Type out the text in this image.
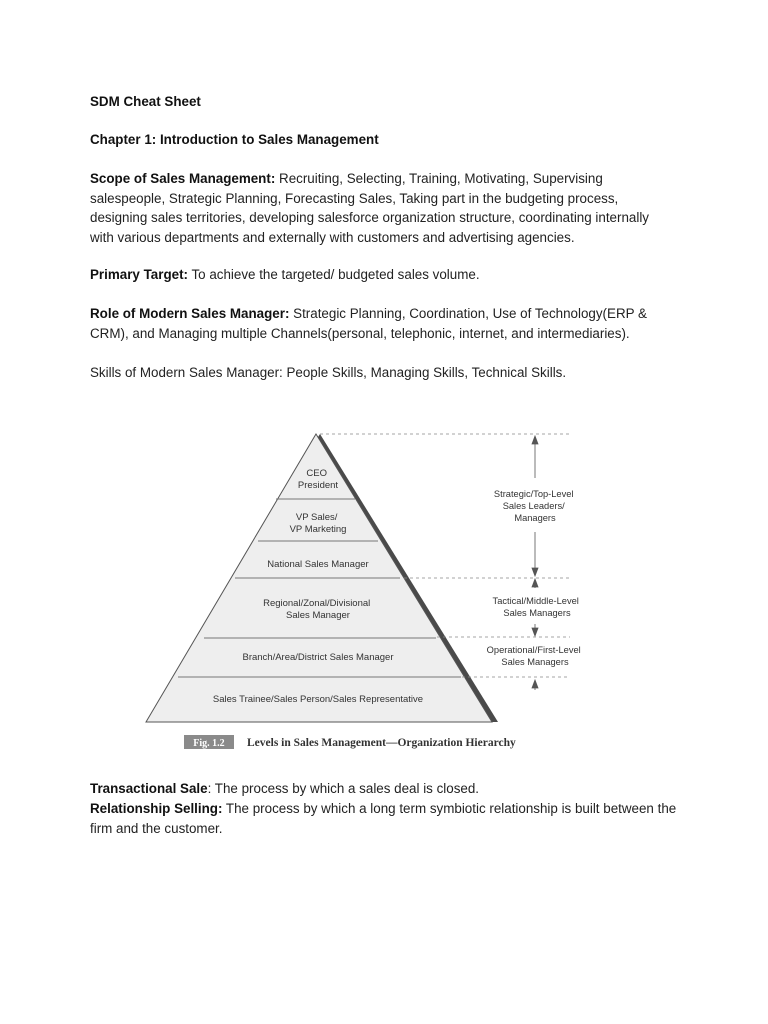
SDM Cheat Sheet
Chapter 1: Introduction to Sales Management

Scope of Sales Management: Recruiting, Selecting, Training, Motivating, Supervising salespeople, Strategic Planning, Forecasting Sales, Taking part in the budgeting process, designing sales territories, developing salesforce organization structure, coordinating internally with various departments and externally with customers and advertising agencies.

Primary Target: To achieve the targeted/ budgeted sales volume.

Role of Modern Sales Manager: Strategic Planning, Coordination, Use of Technology(ERP & CRM), and Managing multiple Channels(personal, telephonic, internet, and intermediaries).

Skills of Modern Sales Manager: People Skills, Managing Skills, Technical Skills.

CEO President
VP Sales/ VP Marketing
National Sales Manager
Regional/Zonal/Divisional Sales Manager
Branch/Area/District Sales Manager
Sales Trainee/Sales Person/Sales Representative
Strategic/Top-Level Sales Leaders/ Managers
Tactical/Middle-Level Sales Managers
Operational/First-Level Sales Managers
Fig. 1.2 Levels in Sales Management—Organization Hierarchy

Transactional Sale: The process by which a sales deal is closed.

Relationship Selling: The process by which a long term symbiotic relationship is built between the firm and the customer.
